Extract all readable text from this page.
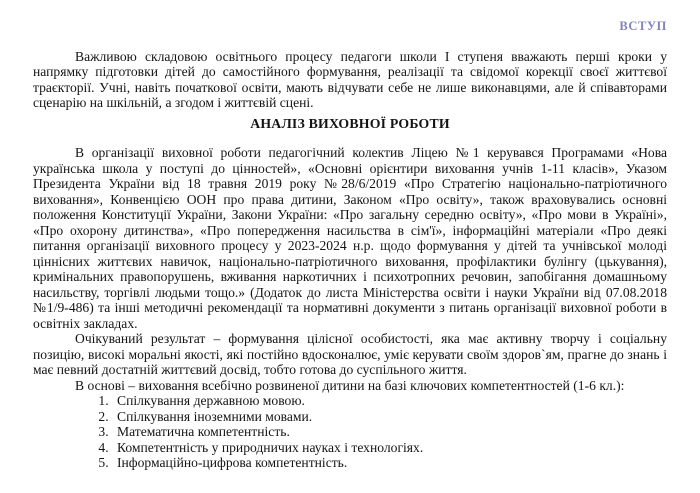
ВСТУП

Важливою складовою освітнього процесу педагоги школи І ступеня вважають перші кроки у напрямку підготовки дітей до самостійного формування, реалізації та свідомої корекції своєї життєвої траєкторії. Учні, навіть початкової освіти, мають відчувати себе не лише виконавцями, але й співавторами сценарію на шкільній, а згодом і життєвій сцені.

АНАЛІЗ ВИХОВНОЇ РОБОТИ

В організації виховної роботи педагогічний колектив Ліцею №1 керувався Програмами «Нова українська школа у поступі до цінностей», «Основні орієнтири виховання учнів 1-11 класів», Указом Президента України від 18 травня 2019 року №28/6/2019 «Про Стратегію національно-патріотичного виховання», Конвенцією ООН про права дитини, Законом «Про освіту», також враховувались основні положення Конституції України, Закони України: «Про загальну середню освіту», «Про мови в Україні», «Про охорону дитинства», «Про попередження насильства в сім'ї», інформаційні матеріали «Про деякі питання організації виховного процесу у 2023-2024 н.р. щодо формування у дітей та учнівської молоді ціннісних життєвих навичок, національно-патріотичного виховання, профілактики булінгу (цькування), кримінальних правопорушень, вживання наркотичних і психотропних речовин, запобігання домашньому насильству, торгівлі людьми тощо.» (Додаток до листа Міністерства освіти і науки України від 07.08.2018 №1/9-486) та інші методичні рекомендації та нормативні документи з питань організації виховної роботи в освітніх закладах.

Очікуваний результат – формування цілісної особистості, яка має активну творчу і соціальну позицію, високі моральні якості, які постійно вдосконалює, уміє керувати своїм здоров`ям, прагне до знань і має певний достатній життєвий досвід, тобто готова до суспільного життя.

В основі – виховання всебічно розвиненої дитини на базі ключових компетентностей (1-6 кл.):

1. Спілкування державною мовою.
2. Спілкування іноземними мовами.
3. Математична компетентність.
4. Компетентність у природничих науках і технологіях.
5. Інформаційно-цифрова компетентність.
